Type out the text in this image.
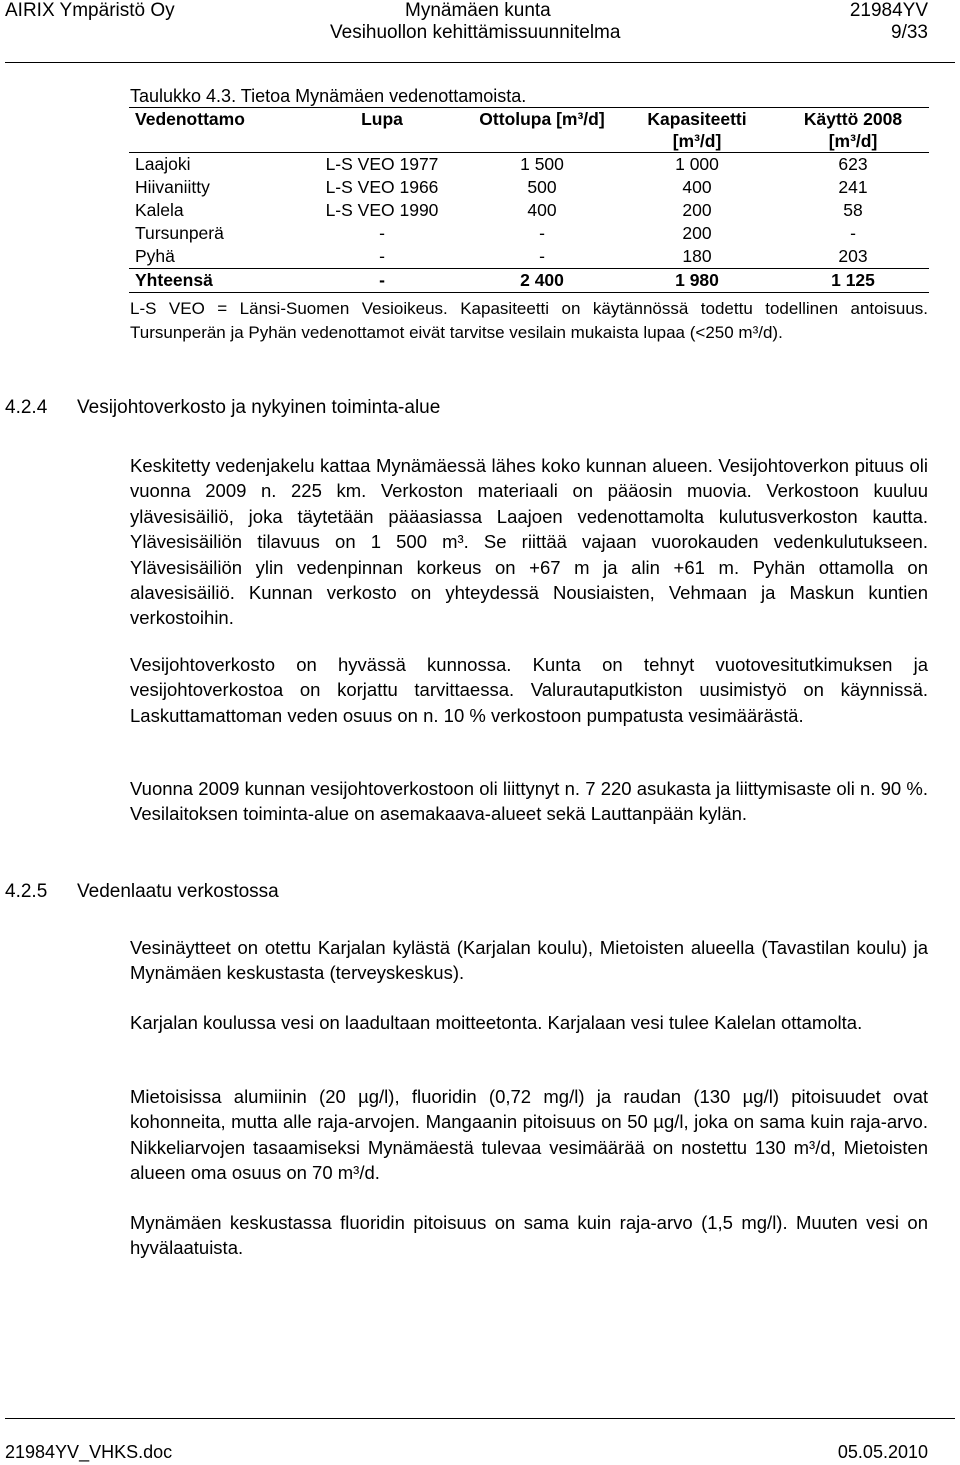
AIRIX Ympäristö Oy	Mynämäen kunta
Vesihuollon kehittämissuunnitelma
21984YV
9/33
Taulukko 4.3. Tietoa Mynämäen vedenottamoista.
Vedenottamo	Lupa	Ottolupa [m³/d]	Kapasiteetti [m³/d]	Käyttö 2008 [m³/d]
Laajoki	L-S VEO 1977	1 500	1 000	623
Hiivaniitty	L-S VEO 1966	500	400	241
Kalela	L-S VEO 1990	400	200	58
Tursunperä	-	-	200	-
Pyhä	-	-	180	203
Yhteensä	-	2 400	1 980	1 125
L-S VEO = Länsi-Suomen Vesioikeus. Kapasiteetti on käytännössä todettu todellinen antoisuus. Tursunperän ja Pyhän vedenottamot eivät tarvitse vesilain mukaista lupaa (<250 m³/d).
4.2.4 Vesijohtoverkosto ja nykyinen toiminta-alue

Keskitetty vedenjakelu kattaa Mynämäessä lähes koko kunnan alueen. Vesijohtoverkon pituus oli vuonna 2009 n. 225 km. Verkoston materiaali on pääosin muovia. Verkostoon kuuluu ylävesisäiliö, joka täytetään pääasiassa Laajoen vedenottamolta kulutusverkoston kautta. Ylävesisäiliön tilavuus on 1 500 m³. Se riittää vajaan vuorokauden vedenkulutukseen. Ylävesisäiliön ylin vedenpinnan korkeus on +67 m ja alin +61 m. Pyhän ottamolla on alavesisäiliö. Kunnan verkosto on yhteydessä Nousiaisten, Vehmaan ja Maskun kuntien verkostoihin.

Vesijohtoverkosto on hyvässä kunnossa. Kunta on tehnyt vuotovesitutkimuksen ja vesijohtoverkostoa on korjattu tarvittaessa. Valurautaputkiston uusimistyö on käynnissä. Laskuttamattoman veden osuus on n. 10 % verkostoon pumpatusta vesimäärästä.

Vuonna 2009 kunnan vesijohtoverkostoon oli liittynyt n. 7 220 asukasta ja liittymisaste oli n. 90 %. Vesilaitoksen toiminta-alue on asemakaava-alueet sekä Lauttanpään kylän.

4.2.5 Vedenlaatu verkostossa

Vesinäytteet on otettu Karjalan kylästä (Karjalan koulu), Mietoisten alueella (Tavastilan koulu) ja Mynämäen keskustasta (terveyskeskus).

Karjalan koulussa vesi on laadultaan moitteetonta. Karjalaan vesi tulee Kalelan ottamolta.

Mietoisissa alumiinin (20 µg/l), fluoridin (0,72 mg/l) ja raudan (130 µg/l) pitoisuudet ovat kohonneita, mutta alle raja-arvojen. Mangaanin pitoisuus on 50 µg/l, joka on sama kuin raja-arvo. Nikkeliarvojen tasaamiseksi Mynämäestä tulevaa vesimäärää on nostettu 130 m³/d, Mietoisten alueen oma osuus on 70 m³/d.

Mynämäen keskustassa fluoridin pitoisuus on sama kuin raja-arvo (1,5 mg/l). Muuten vesi on hyvälaatuista.

21984YV_VHKS.doc	05.05.2010
